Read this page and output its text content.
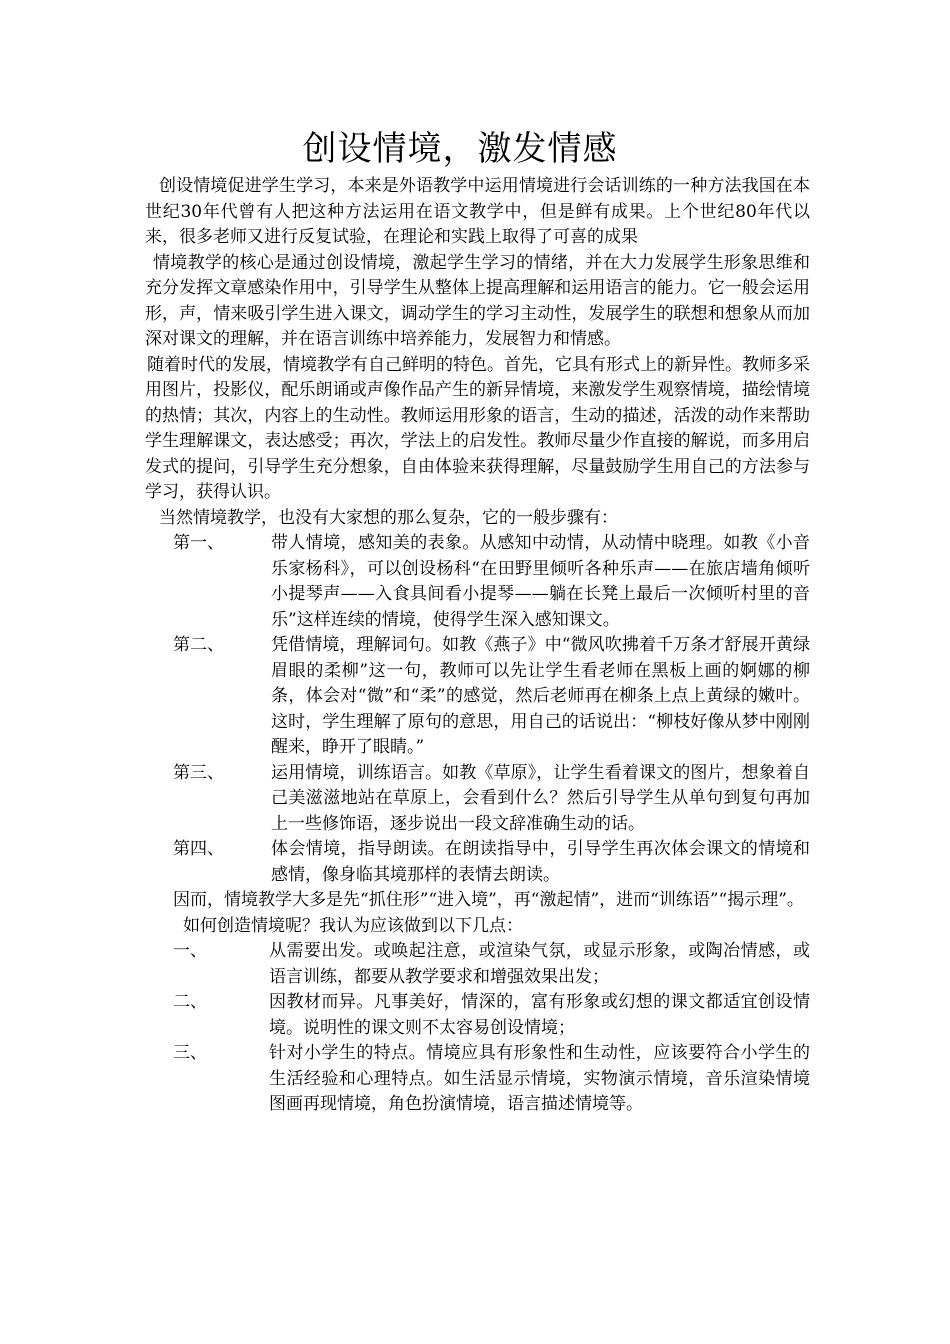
创设情境，激发情感

创设情境促进学生学习，本来是外语教学中运用情境进行会话训练的一种方法我国在本世纪30年代曾有人把这种方法运用在语文教学中，但是鲜有成果。上个世纪80年代以来，很多老师又进行反复试验，在理论和实践上取得了可喜的成果

情境教学的核心是通过创设情境，激起学生学习的情绪，并在大力发展学生形象思维和充分发挥文章感染作用中，引导学生从整体上提高理解和运用语言的能力。它一般会运用形，声，情来吸引学生进入课文，调动学生的学习主动性，发展学生的联想和想象从而加深对课文的理解，并在语言训练中培养能力，发展智力和情感。

随着时代的发展，情境教学有自己鲜明的特色。首先，它具有形式上的新异性。教师多采用图片，投影仪，配乐朗诵或声像作品产生的新异情境，来激发学生观察情境，描绘情境的热情；其次，内容上的生动性。教师运用形象的语言，生动的描述，活泼的动作来帮助学生理解课文，表达感受；再次，学法上的启发性。教师尽量少作直接的解说，而多用启发式的提问，引导学生充分想象，自由体验来获得理解，尽量鼓励学生用自己的方法参与学习，获得认识。

当然情境教学，也没有大家想的那么复杂，它的一般步骤有：

第一、	带人情境，感知美的表象。从感知中动情，从动情中晓理。如教《小音乐家杨科》，可以创设杨科“在田野里倾听各种乐声——在旅店墙角倾听小提琴声——入食具间看小提琴——躺在长凳上最后一次倾听村里的音乐”这样连续的情境，使得学生深入感知课文。
第二、	凭借情境，理解词句。如教《燕子》中“微风吹拂着千万条才舒展开黄绿眉眼的柔柳”这一句，教师可以先让学生看老师在黑板上画的婀娜的柳条，体会对“微”和“柔”的感觉，然后老师再在柳条上点上黄绿的嫩叶。这时，学生理解了原句的意思，用自己的话说出：“柳枝好像从梦中刚刚醒来，睁开了眼睛。”
第三、	运用情境，训练语言。如教《草原》，让学生看着课文的图片，想象着自己美滋滋地站在草原上，会看到什么？然后引导学生从单句到复句再加上一些修饰语，逐步说出一段文辞准确生动的话。
第四、	体会情境，指导朗读。在朗读指导中，引导学生再次体会课文的情境和感情，像身临其境那样的表情去朗读。

因而，情境教学大多是先“抓住形”“进入境”，再“激起情”，进而“训练语”“揭示理”。

如何创造情境呢？我认为应该做到以下几点：

一、	从需要出发。或唤起注意，或渲染气氛，或显示形象，或陶冶情感，或语言训练，都要从教学要求和增强效果出发；
二、	因教材而异。凡事美好，情深的，富有形象或幻想的课文都适宜创设情境。说明性的课文则不太容易创设情境；
三、	针对小学生的特点。情境应具有形象性和生动性，应该要符合小学生的生活经验和心理特点。如生活显示情境，实物演示情境，音乐渲染情境图画再现情境，角色扮演情境，语言描述情境等。
